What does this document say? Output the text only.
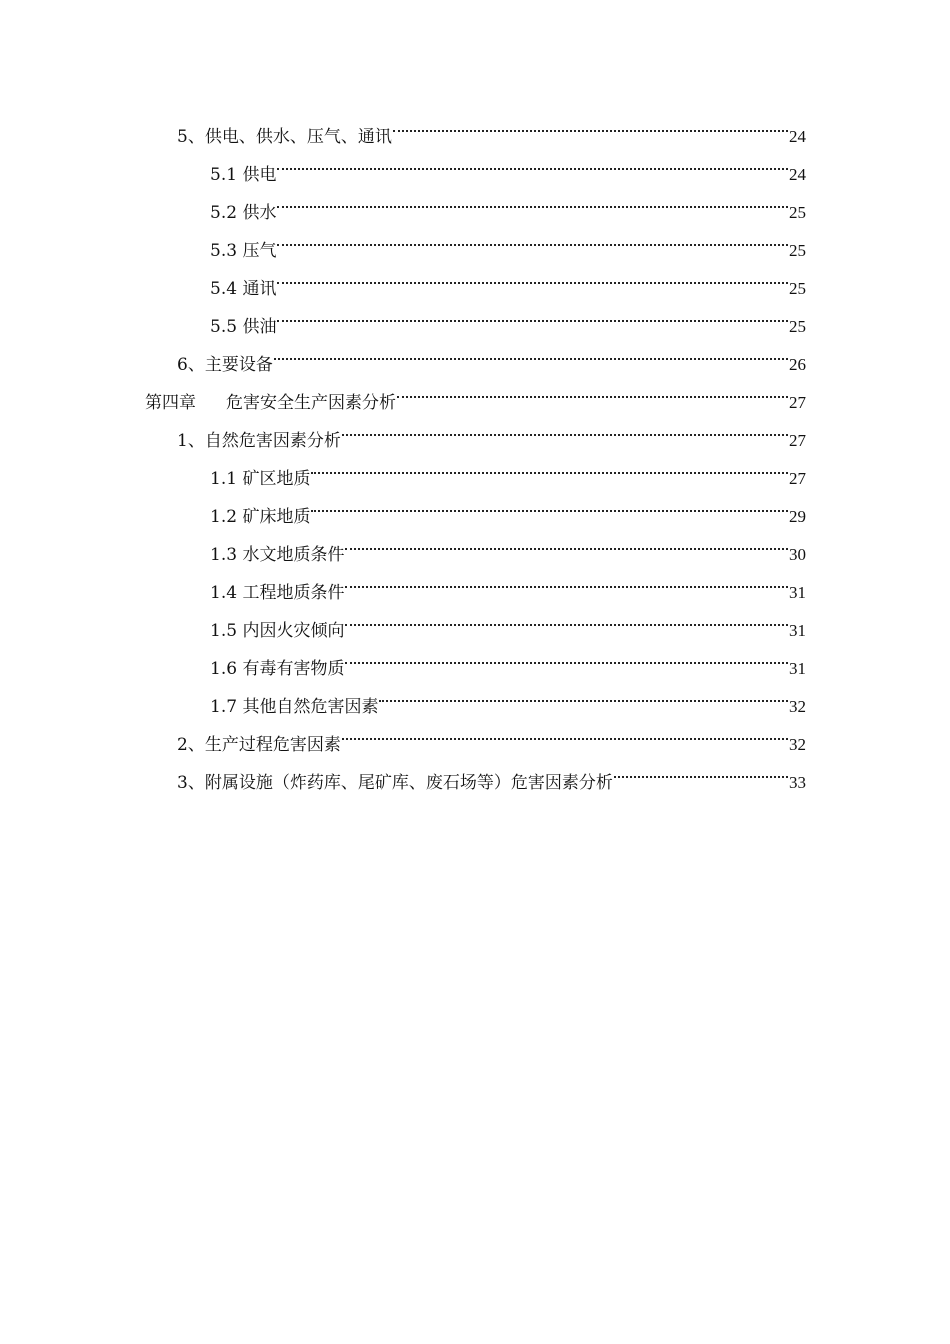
5、供电、供水、压气、通讯	24
5.1 供电	24
5.2 供水	25
5.3 压气	25
5.4 通讯	25
5.5 供油	25
6、主要设备	26
第四章 危害安全生产因素分析	27
1、自然危害因素分析	27
1.1 矿区地质	27
1.2 矿床地质	29
1.3 水文地质条件	30
1.4 工程地质条件	31
1.5 内因火灾倾向	31
1.6 有毒有害物质	31
1.7 其他自然危害因素	32
2、生产过程危害因素	32
3、附属设施（炸药库、尾矿库、废石场等）危害因素分析	33
